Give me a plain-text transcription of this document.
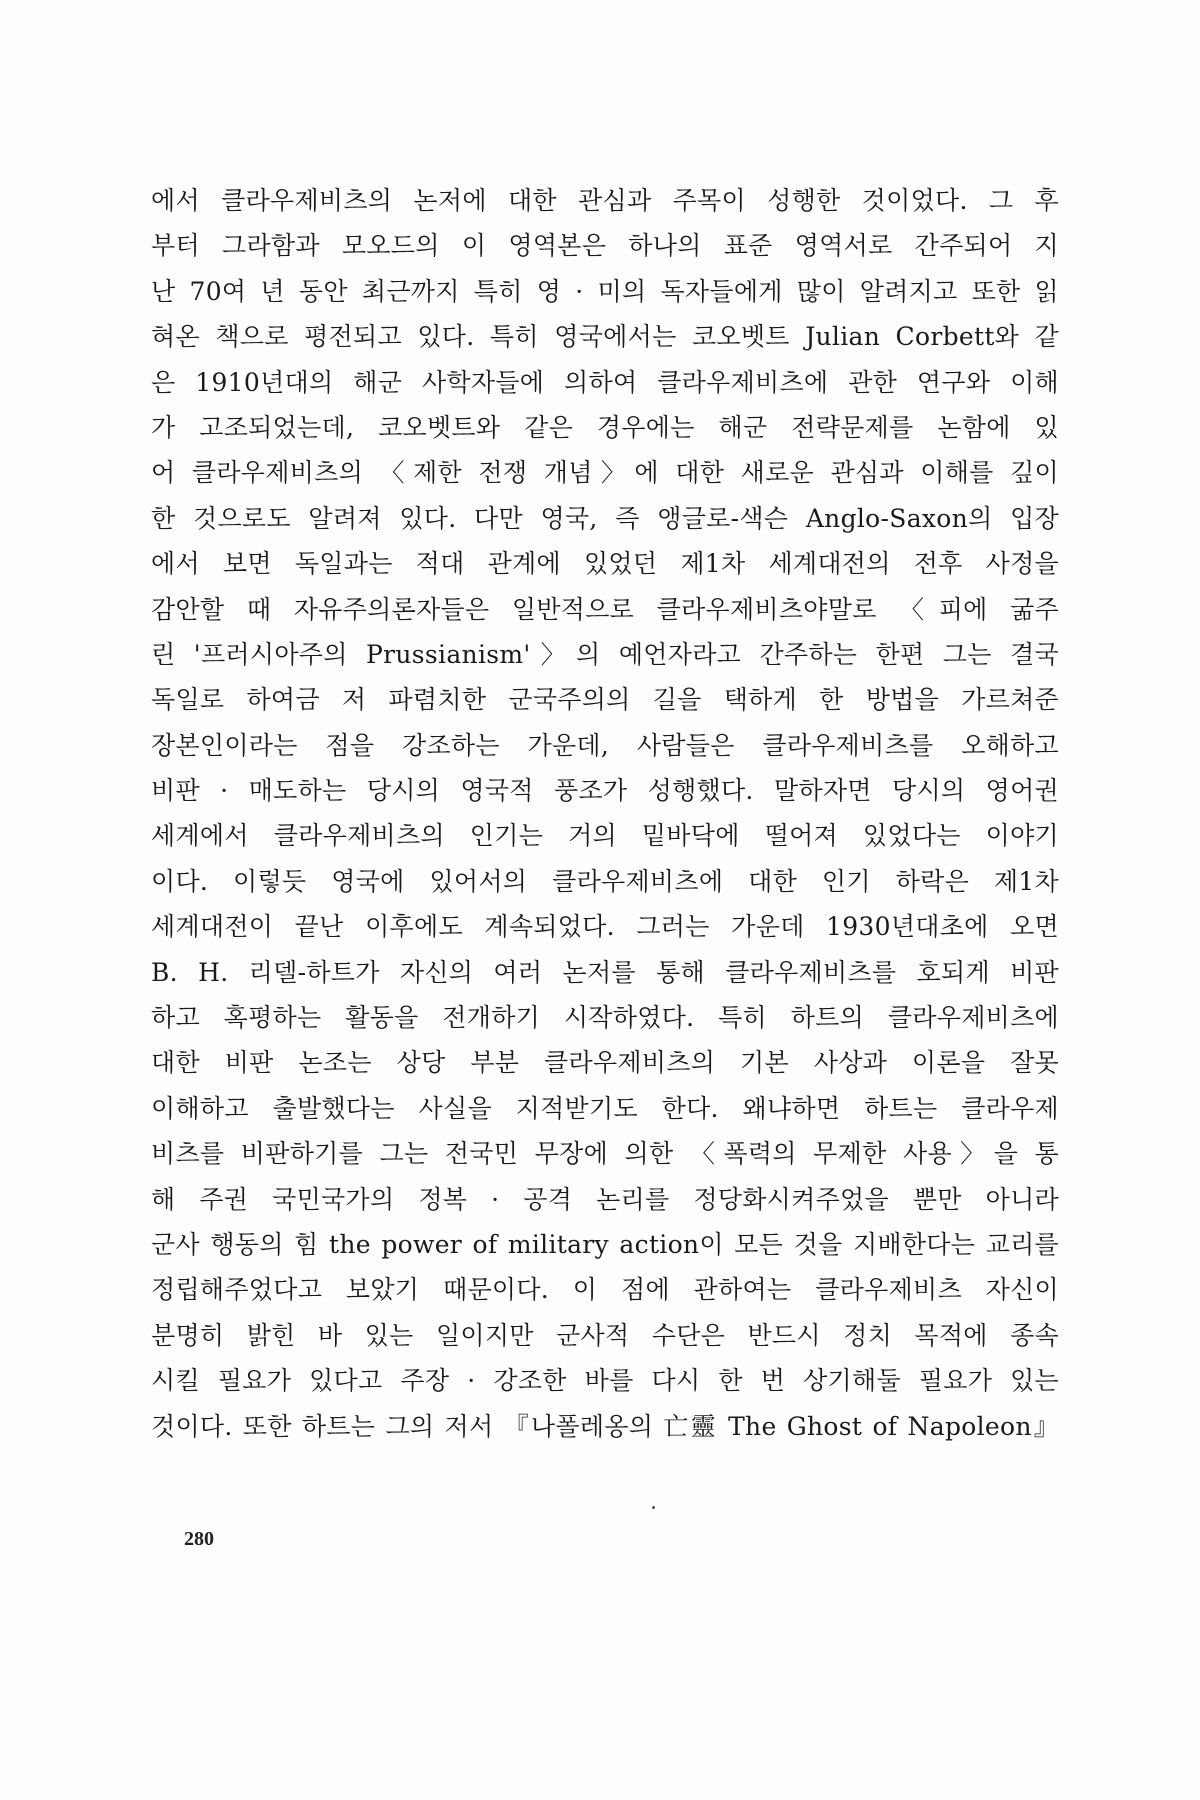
에서 클라우제비츠의 논저에 대한 관심과 주목이 성행한 것이었다. 그 후
부터 그라함과 모오드의 이 영역본은 하나의 표준 영역서로 간주되어 지
난 70여 년 동안 최근까지 특히 영 · 미의 독자들에게 많이 알려지고 또한 읽
혀온 책으로 평전되고 있다. 특히 영국에서는 코오벳트 Julian Corbett와 같
은 1910년대의 해군 사학자들에 의하여 클라우제비츠에 관한 연구와 이해
가 고조되었는데, 코오벳트와 같은 경우에는 해군 전략문제를 논함에 있
어 클라우제비츠의 〈제한 전쟁 개념〉에 대한 새로운 관심과 이해를 깊이
한 것으로도 알려져 있다. 다만 영국, 즉 앵글로-색슨 Anglo-Saxon의 입장
에서 보면 독일과는 적대 관계에 있었던 제1차 세계대전의 전후 사정을
감안할 때 자유주의론자들은 일반적으로 클라우제비츠야말로 〈피에 굶주
린 '프러시아주의 Prussianism'〉의 예언자라고 간주하는 한편 그는 결국
독일로 하여금 저 파렴치한 군국주의의 길을 택하게 한 방법을 가르쳐준
장본인이라는 점을 강조하는 가운데, 사람들은 클라우제비츠를 오해하고
비판 · 매도하는 당시의 영국적 풍조가 성행했다. 말하자면 당시의 영어권
세계에서 클라우제비츠의 인기는 거의 밑바닥에 떨어져 있었다는 이야기
이다. 이렇듯 영국에 있어서의 클라우제비츠에 대한 인기 하락은 제1차
세계대전이 끝난 이후에도 계속되었다. 그러는 가운데 1930년대초에 오면
B. H. 리델-하트가 자신의 여러 논저를 통해 클라우제비츠를 호되게 비판
하고 혹평하는 활동을 전개하기 시작하였다. 특히 하트의 클라우제비츠에
대한 비판 논조는 상당 부분 클라우제비츠의 기본 사상과 이론을 잘못
이해하고 출발했다는 사실을 지적받기도 한다. 왜냐하면 하트는 클라우제
비츠를 비판하기를 그는 전국민 무장에 의한 〈폭력의 무제한 사용〉을 통
해 주권 국민국가의 정복 · 공격 논리를 정당화시켜주었을 뿐만 아니라
군사 행동의 힘 the power of military action이 모든 것을 지배한다는 교리를
정립해주었다고 보았기 때문이다. 이 점에 관하여는 클라우제비츠 자신이
분명히 밝힌 바 있는 일이지만 군사적 수단은 반드시 정치 목적에 종속
시킬 필요가 있다고 주장 · 강조한 바를 다시 한 번 상기해둘 필요가 있는
것이다. 또한 하트는 그의 저서 『나폴레옹의 亡靈 The Ghost of Napoleon』
280
